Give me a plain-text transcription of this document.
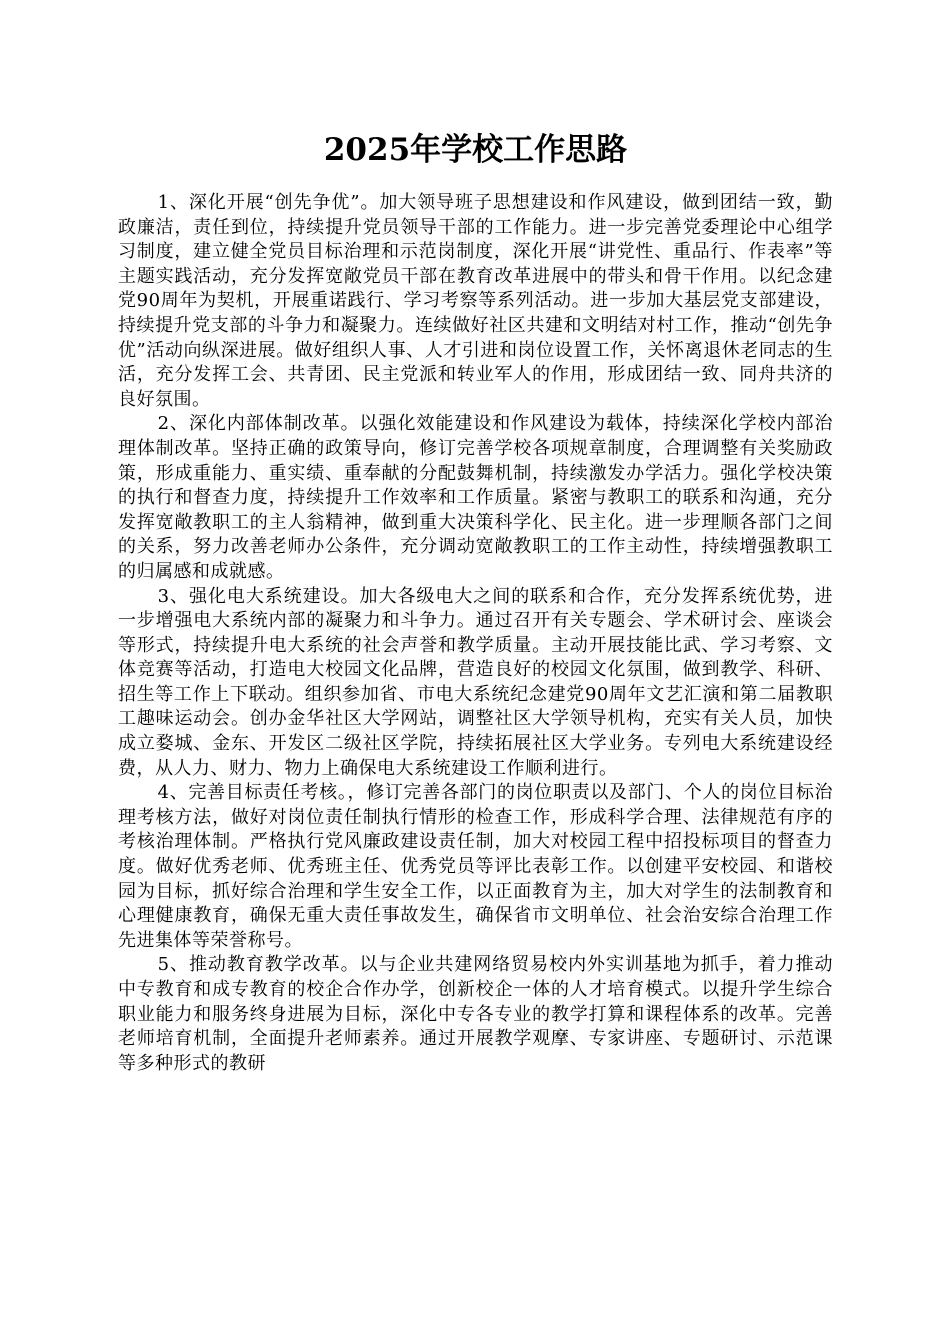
2025年学校工作思路

1、深化开展“创先争优”。加大领导班子思想建设和作风建设，做到团结一致，勤政廉洁，责任到位，持续提升党员领导干部的工作能力。进一步完善党委理论中心组学习制度，建立健全党员目标治理和示范岗制度，深化开展“讲党性、重品行、作表率”等主题实践活动，充分发挥宽敞党员干部在教育改革进展中的带头和骨干作用。以纪念建党90周年为契机，开展重诺践行、学习考察等系列活动。进一步加大基层党支部建设，持续提升党支部的斗争力和凝聚力。连续做好社区共建和文明结对村工作，推动“创先争优”活动向纵深进展。做好组织人事、人才引进和岗位设置工作，关怀离退休老同志的生活，充分发挥工会、共青团、民主党派和转业军人的作用，形成团结一致、同舟共济的良好氛围。

2、深化内部体制改革。以强化效能建设和作风建设为载体，持续深化学校内部治理体制改革。坚持正确的政策导向，修订完善学校各项规章制度，合理调整有关奖励政策，形成重能力、重实绩、重奉献的分配鼓舞机制，持续激发办学活力。强化学校决策的执行和督查力度，持续提升工作效率和工作质量。紧密与教职工的联系和沟通，充分发挥宽敞教职工的主人翁精神，做到重大决策科学化、民主化。进一步理顺各部门之间的关系，努力改善老师办公条件，充分调动宽敞教职工的工作主动性，持续增强教职工的归属感和成就感。

3、强化电大系统建设。加大各级电大之间的联系和合作，充分发挥系统优势，进一步增强电大系统内部的凝聚力和斗争力。通过召开有关专题会、学术研讨会、座谈会等形式，持续提升电大系统的社会声誉和教学质量。主动开展技能比武、学习考察、文体竞赛等活动，打造电大校园文化品牌，营造良好的校园文化氛围，做到教学、科研、招生等工作上下联动。组织参加省、市电大系统纪念建党90周年文艺汇演和第二届教职工趣味运动会。创办金华社区大学网站，调整社区大学领导机构，充实有关人员，加快成立婺城、金东、开发区二级社区学院，持续拓展社区大学业务。专列电大系统建设经费，从人力、财力、物力上确保电大系统建设工作顺利进行。

4、完善目标责任考核。，修订完善各部门的岗位职责以及部门、个人的岗位目标治理考核方法，做好对岗位责任制执行情形的检查工作，形成科学合理、法律规范有序的考核治理体制。严格执行党风廉政建设责任制，加大对校园工程中招投标项目的督查力度。做好优秀老师、优秀班主任、优秀党员等评比表彰工作。以创建平安校园、和谐校园为目标，抓好综合治理和学生安全工作，以正面教育为主，加大对学生的法制教育和心理健康教育，确保无重大责任事故发生，确保省市文明单位、社会治安综合治理工作先进集体等荣誉称号。

5、推动教育教学改革。以与企业共建网络贸易校内外实训基地为抓手，着力推动中专教育和成专教育的校企合作办学，创新校企一体的人才培育模式。以提升学生综合职业能力和服务终身进展为目标，深化中专各专业的教学打算和课程体系的改革。完善老师培育机制，全面提升老师素养。通过开展教学观摩、专家讲座、专题研讨、示范课等多种形式的教研
